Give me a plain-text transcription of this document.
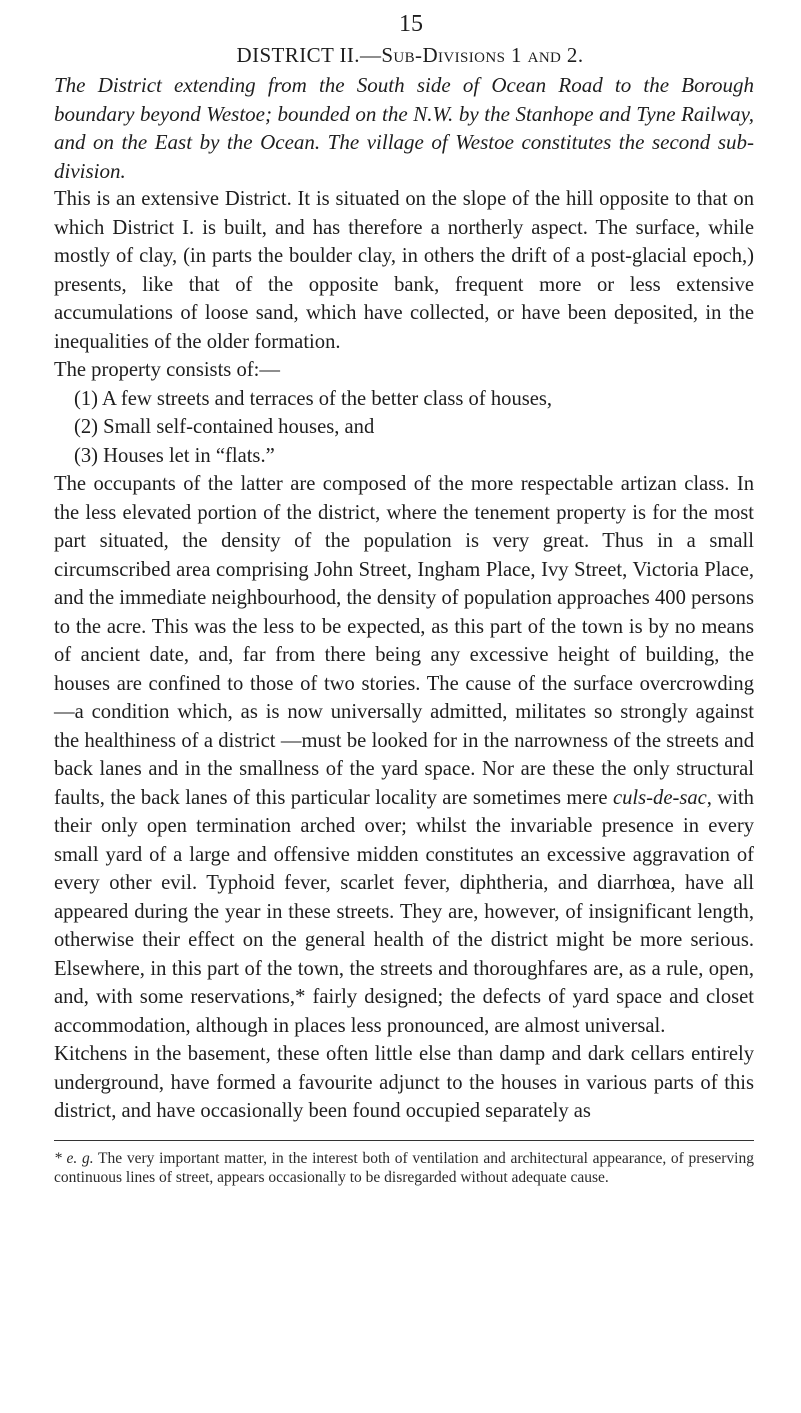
15
DISTRICT II.—Sub-Divisions 1 and 2.

The District extending from the South side of Ocean Road to the Borough boundary beyond Westoe; bounded on the N.W. by the Stanhope and Tyne Railway, and on the East by the Ocean. The village of Westoe constitutes the second sub-division.

This is an extensive District. It is situated on the slope of the hill opposite to that on which District I. is built, and has therefore a northerly aspect. The surface, while mostly of clay, (in parts the boulder clay, in others the drift of a post-glacial epoch,) presents, like that of the opposite bank, frequent more or less extensive accumulations of loose sand, which have collected, or have been deposited, in the inequalities of the older formation.

The property consists of:—

(1) A few streets and terraces of the better class of houses,
(2) Small self-contained houses, and
(3) Houses let in “flats.”

The occupants of the latter are composed of the more respectable artizan class. In the less elevated portion of the district, where the tenement property is for the most part situated, the density of the population is very great. Thus in a small circumscribed area comprising John Street, Ingham Place, Ivy Street, Victoria Place, and the immediate neighbourhood, the density of population approaches 400 persons to the acre. This was the less to be expected, as this part of the town is by no means of ancient date, and, far from there being any excessive height of building, the houses are confined to those of two stories. The cause of the surface overcrowding—a condition which, as is now universally admitted, militates so strongly against the healthiness of a district —must be looked for in the narrowness of the streets and back lanes and in the smallness of the yard space. Nor are these the only structural faults, the back lanes of this particular locality are sometimes mere culs-de-sac, with their only open termination arched over; whilst the invariable presence in every small yard of a large and offensive midden constitutes an excessive aggravation of every other evil. Typhoid fever, scarlet fever, diphtheria, and diarrhœa, have all appeared during the year in these streets. They are, however, of insignificant length, otherwise their effect on the general health of the district might be more serious. Elsewhere, in this part of the town, the streets and thoroughfares are, as a rule, open, and, with some reservations,* fairly designed; the defects of yard space and closet accommodation, although in places less pronounced, are almost universal.

Kitchens in the basement, these often little else than damp and dark cellars entirely underground, have formed a favourite adjunct to the houses in various parts of this district, and have occasionally been found occupied separately as

* e. g. The very important matter, in the interest both of ventilation and architectural appearance, of preserving continuous lines of street, appears occasionally to be disregarded without adequate cause.
